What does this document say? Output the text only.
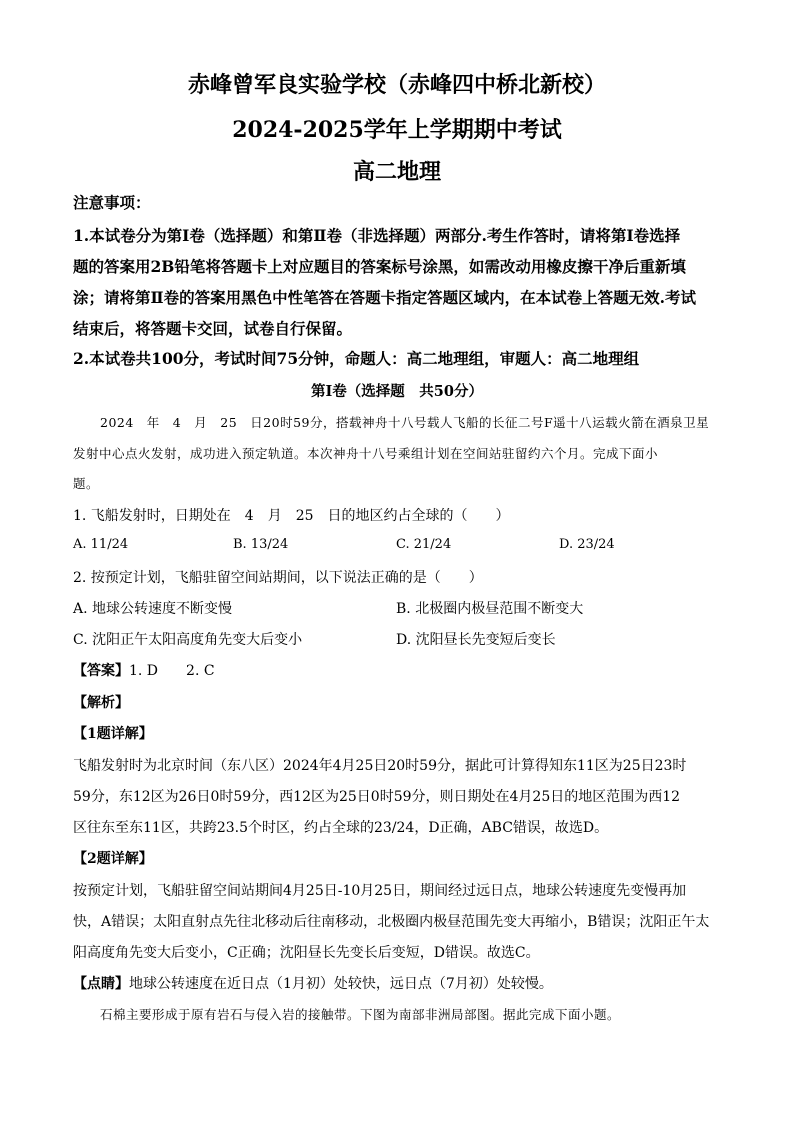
赤峰曾军良实验学校（赤峰四中桥北新校）
2024-2025学年上学期期中考试
高二地理
注意事项：
1.本试卷分为第Ⅰ卷（选择题）和第Ⅱ卷（非选择题）两部分.考生作答时，请将第Ⅰ卷选择
题的答案用2B铅笔将答题卡上对应题目的答案标号涂黑，如需改动用橡皮擦干净后重新填
涂；请将第Ⅱ卷的答案用黑色中性笔答在答题卡指定答题区域内，在本试卷上答题无效.考试
结束后，将答题卡交回，试卷自行保留。
2.本试卷共100分，考试时间75分钟，命题人：高二地理组，审题人：高二地理组
第Ⅰ卷（选择题　共50分）
2024　年　4　月　25　日20时59分，搭载神舟十八号载人飞船的长征二号F遥十八运载火箭在酒泉卫星
发射中心点火发射，成功进入预定轨道。本次神舟十八号乘组计划在空间站驻留约六个月。完成下面小
题。
1. 飞船发射时，日期处在　4　月　25　日的地区约占全球的（　　）
A. 11/24	B. 13/24	C. 21/24	D. 23/24
2. 按预定计划，飞船驻留空间站期间，以下说法正确的是（　　）
A. 地球公转速度不断变慢	B. 北极圈内极昼范围不断变大
C. 沈阳正午太阳高度角先变大后变小	D. 沈阳昼长先变短后变长
【答案】1. D　　2. C
【解析】
【1题详解】
飞船发射时为北京时间（东八区）2024年4月25日20时59分，据此可计算得知东11区为25日23时
59分，东12区为26日0时59分，西12区为25日0时59分，则日期处在4月25日的地区范围为西12
区往东至东11区，共跨23.5个时区，约占全球的23/24，D正确，ABC错误，故选D。
【2题详解】
按预定计划，飞船驻留空间站期间4月25日-10月25日，期间经过远日点，地球公转速度先变慢再加
快，A错误；太阳直射点先往北移动后往南移动，北极圈内极昼范围先变大再缩小，B错误；沈阳正午太
阳高度角先变大后变小，C正确；沈阳昼长先变长后变短，D错误。故选C。
【点睛】地球公转速度在近日点（1月初）处较快，远日点（7月初）处较慢。
石棉主要形成于原有岩石与侵入岩的接触带。下图为南部非洲局部图。据此完成下面小题。
